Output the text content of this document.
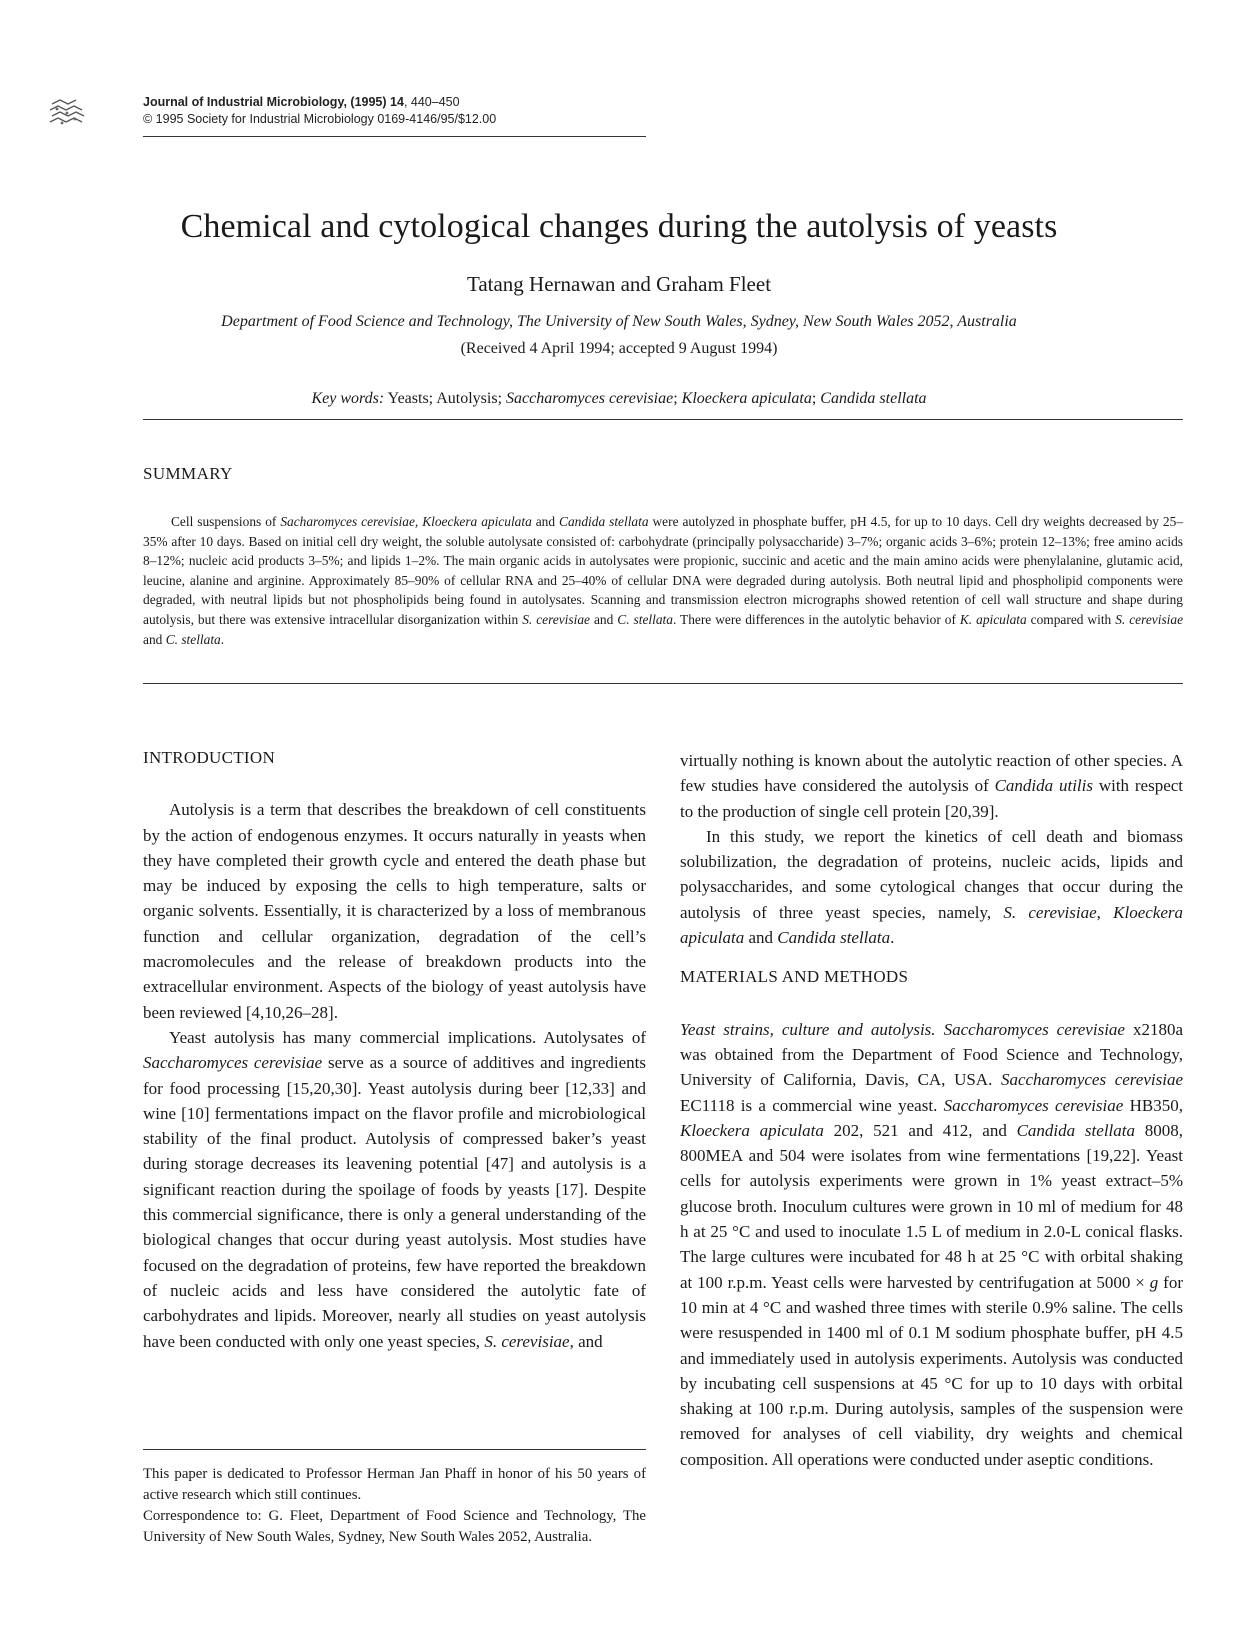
Journal of Industrial Microbiology, (1995) 14, 440–450
© 1995 Society for Industrial Microbiology 0169-4146/95/$12.00
Chemical and cytological changes during the autolysis of yeasts
Tatang Hernawan and Graham Fleet
Department of Food Science and Technology, The University of New South Wales, Sydney, New South Wales 2052, Australia
(Received 4 April 1994; accepted 9 August 1994)
Key words: Yeasts; Autolysis; Saccharomyces cerevisiae; Kloeckera apiculata; Candida stellata
SUMMARY
Cell suspensions of Sacharomyces cerevisiae, Kloeckera apiculata and Candida stellata were autolyzed in phosphate buffer, pH 4.5, for up to 10 days. Cell dry weights decreased by 25–35% after 10 days. Based on initial cell dry weight, the soluble autolysate consisted of: carbohydrate (principally polysaccharide) 3–7%; organic acids 3–6%; protein 12–13%; free amino acids 8–12%; nucleic acid products 3–5%; and lipids 1–2%. The main organic acids in autolysates were propionic, succinic and acetic and the main amino acids were phenylalanine, glutamic acid, leucine, alanine and arginine. Approximately 85–90% of cellular RNA and 25–40% of cellular DNA were degraded during autolysis. Both neutral lipid and phospholipid components were degraded, with neutral lipids but not phospholipids being found in autolysates. Scanning and transmission electron micrographs showed retention of cell wall structure and shape during autolysis, but there was extensive intracellular disorganization within S. cerevisiae and C. stellata. There were differences in the autolytic behavior of K. apiculata compared with S. cerevisiae and C. stellata.

INTRODUCTION

Autolysis is a term that describes the breakdown of cell constituents by the action of endogenous enzymes. It occurs naturally in yeasts when they have completed their growth cycle and entered the death phase but may be induced by exposing the cells to high temperature, salts or organic solvents. Essentially, it is characterized by a loss of membranous function and cellular organization, degradation of the cell’s macromolecules and the release of breakdown products into the extracellular environment. Aspects of the biology of yeast autolysis have been reviewed [4,10,26–28].

Yeast autolysis has many commercial implications. Autolysates of Saccharomyces cerevisiae serve as a source of additives and ingredients for food processing [15,20,30]. Yeast autolysis during beer [12,33] and wine [10] fermentations impact on the flavor profile and microbiological stability of the final product. Autolysis of compressed baker’s yeast during storage decreases its leavening potential [47] and autolysis is a significant reaction during the spoilage of foods by yeasts [17]. Despite this commercial significance, there is only a general understanding of the biological changes that occur during yeast autolysis. Most studies have focused on the degradation of proteins, few have reported the breakdown of nucleic acids and less have considered the autolytic fate of carbohydrates and lipids. Moreover, nearly all studies on yeast autolysis have been conducted with only one yeast species, S. cerevisiae, and

virtually nothing is known about the autolytic reaction of other species. A few studies have considered the autolysis of Candida utilis with respect to the production of single cell protein [20,39].

In this study, we report the kinetics of cell death and biomass solubilization, the degradation of proteins, nucleic acids, lipids and polysaccharides, and some cytological changes that occur during the autolysis of three yeast species, namely, S. cerevisiae, Kloeckera apiculata and Candida stellata.

MATERIALS AND METHODS

Yeast strains, culture and autolysis. Saccharomyces cerevisiae x2180a was obtained from the Department of Food Science and Technology, University of California, Davis, CA, USA. Saccharomyces cerevisiae EC1118 is a commercial wine yeast. Saccharomyces cerevisiae HB350, Kloeckera apiculata 202, 521 and 412, and Candida stellata 8008, 800MEA and 504 were isolates from wine fermentations [19,22]. Yeast cells for autolysis experiments were grown in 1% yeast extract–5% glucose broth. Inoculum cultures were grown in 10 ml of medium for 48 h at 25 °C and used to inoculate 1.5 L of medium in 2.0-L conical flasks. The large cultures were incubated for 48 h at 25 °C with orbital shaking at 100 r.p.m. Yeast cells were harvested by centrifugation at 5000 × g for 10 min at 4 °C and washed three times with sterile 0.9% saline. The cells were resuspended in 1400 ml of 0.1 M sodium phosphate buffer, pH 4.5 and immediately used in autolysis experiments. Autolysis was conducted by incubating cell suspensions at 45 °C for up to 10 days with orbital shaking at 100 r.p.m. During autolysis, samples of the suspension were removed for analyses of cell viability, dry weights and chemical composition. All operations were conducted under aseptic conditions.

This paper is dedicated to Professor Herman Jan Phaff in honor of his 50 years of active research which still continues.

Correspondence to: G. Fleet, Department of Food Science and Technology, The University of New South Wales, Sydney, New South Wales 2052, Australia.
